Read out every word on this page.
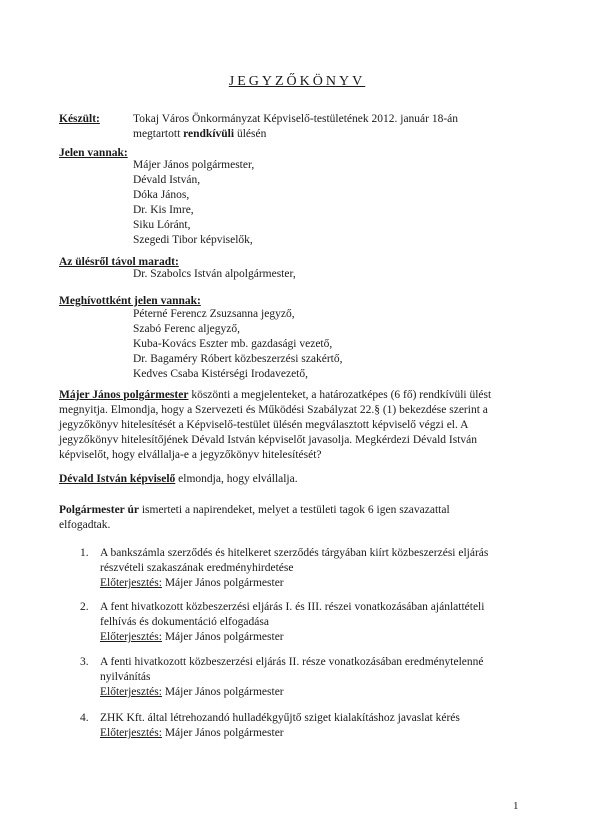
JEGYZŐKÖNYV
Készült:	Tokaj Város Önkormányzat Képviselő-testületének 2012. január 18-án
megtartott rendkívüli ülésén
Jelen vannak:
Májer János polgármester,
Dévald István,
Dóka János,
Dr. Kis Imre,
Siku Lóránt,
Szegedi Tibor képviselők,
Az ülésről távol maradt:
Dr. Szabolcs István alpolgármester,
Meghívottként jelen vannak:
Péterné Ferencz Zsuzsanna jegyző,
Szabó Ferenc aljegyző,
Kuba-Kovács Eszter mb. gazdasági vezető,
Dr. Bagaméry Róbert közbeszerzési szakértő,
Kedves Csaba Kistérségi Irodavezető,
Májer János polgármester köszönti a megjelenteket, a határozatképes (6 fő) rendkívüli ülést
megnyitja. Elmondja, hogy a Szervezeti és Működési Szabályzat 22.§ (1) bekezdése szerint a
jegyzőkönyv hitelesítését a Képviselő-testület ülésén megválasztott képviselő végzi el. A
jegyzőkönyv hitelesítőjének Dévald István képviselőt javasolja. Megkérdezi Dévald István
képviselőt, hogy elvállalja-e a jegyzőkönyv hitelesítését?
Dévald István képviselő elmondja, hogy elvállalja.
Polgármester úr ismerteti a napirendeket, melyet a testületi tagok 6 igen szavazattal
elfogadtak.
1. A bankszámla szerződés és hitelkeret szerződés tárgyában kiírt közbeszerzési eljárás
részvételi szakaszának eredményhirdetése
Előterjesztés: Májer János polgármester
2. A fent hivatkozott közbeszerzési eljárás I. és III. részei vonatkozásában ajánlattételi
felhívás és dokumentáció elfogadása
Előterjesztés: Májer János polgármester
3. A fenti hivatkozott közbeszerzési eljárás II. része vonatkozásában eredménytelenné
nyilvánítás
Előterjesztés: Májer János polgármester
4. ZHK Kft. által létrehozandó hulladékgyűjtő sziget kialakításhoz javaslat kérés
Előterjesztés: Májer János polgármester
1
